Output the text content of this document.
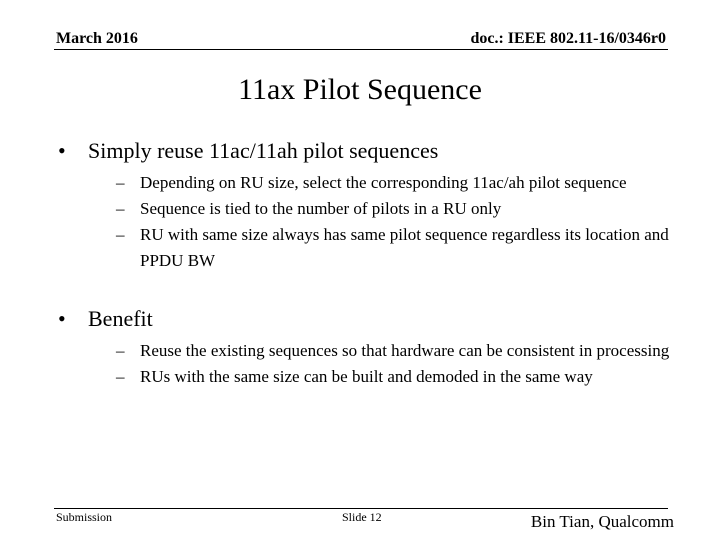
March 2016	doc.: IEEE 802.11-16/0346r0
11ax Pilot Sequence
•	Simply reuse 11ac/11ah pilot sequences
– Depending on RU size, select the corresponding 11ac/ah pilot sequence
– Sequence is tied to the number of pilots in a RU only
– RU with same size always has same pilot sequence regardless its location and PPDU BW
•	Benefit
– Reuse the existing sequences so that hardware can be consistent in processing
– RUs with the same size can be built and demoded in the same way
Submission	Slide 12	Bin Tian, Qualcomm
